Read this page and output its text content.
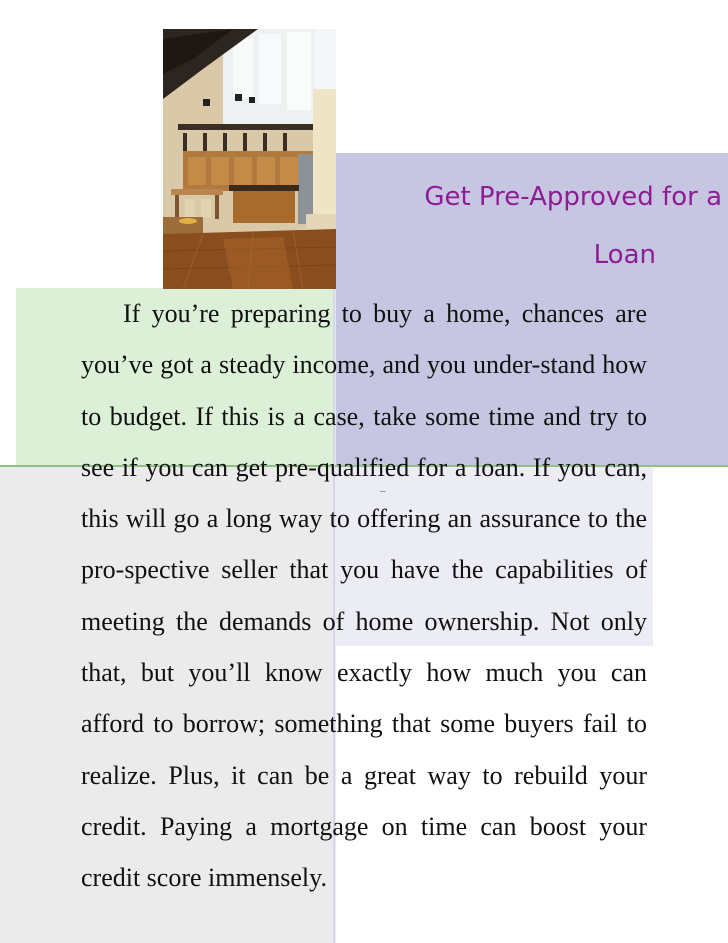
Get Pre-Approved for a
Loan

If you’re preparing to buy a home, chances are you’ve got a steady income, and you under-stand how to budget. If this is a case, take some time and try to see if you can get pre-qualified for a loan. If you can, this will go a long way to offering an assurance to the pro-spective seller that you have the capabilities of meeting the demands of home ownership. Not only that, but you’ll know exactly how much you can afford to borrow; something that some buyers fail to realize. Plus, it can be a great way to rebuild your credit. Paying a mortgage on time can boost your credit score immensely.
